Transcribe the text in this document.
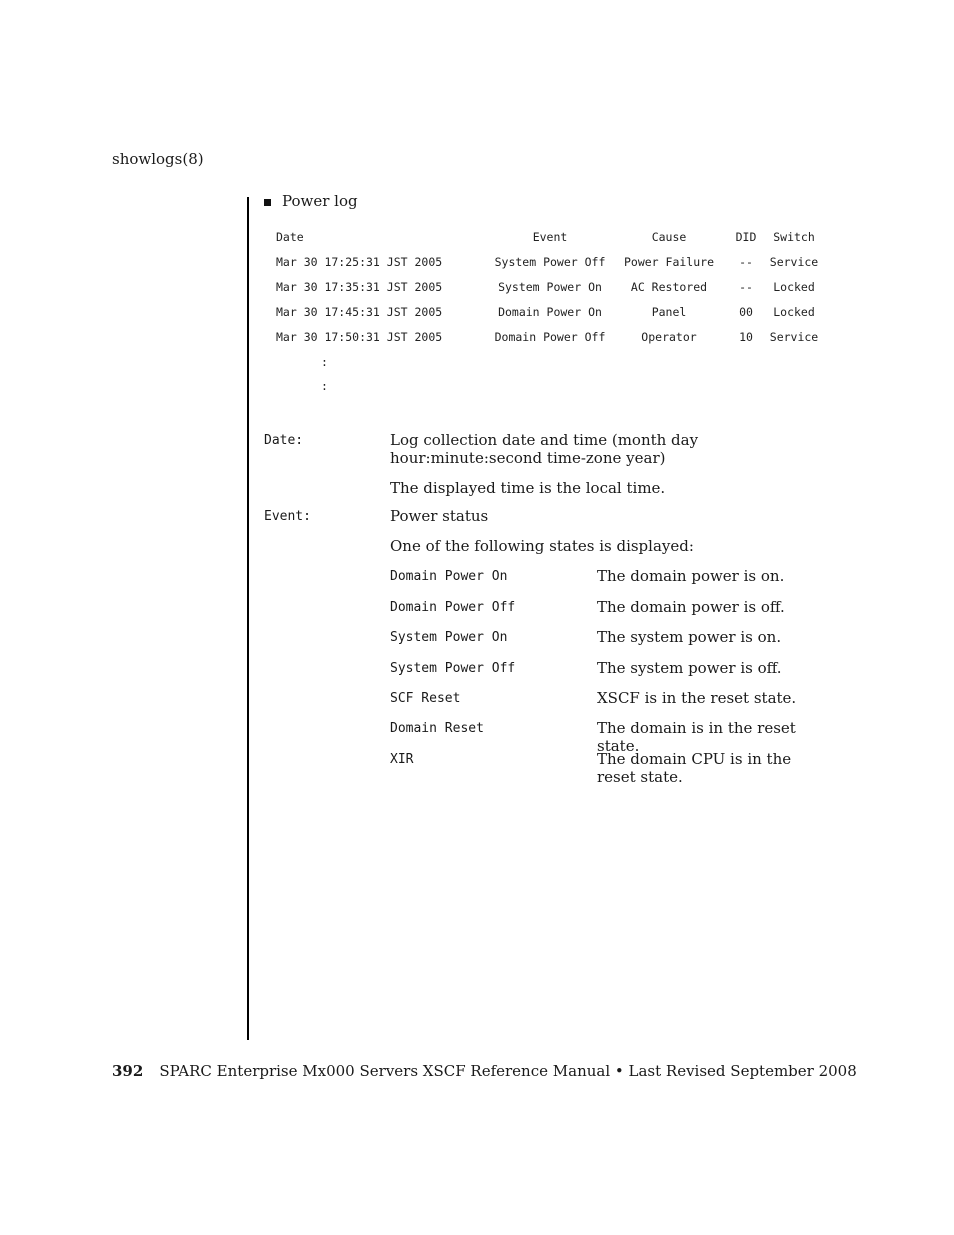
showlogs(8)
Power log
Date	Event	Cause	DID	Switch
Mar 30 17:25:31 JST 2005	System Power Off	Power Failure	--	Service
Mar 30 17:35:31 JST 2005	System Power On	AC Restored	--	Locked
Mar 30 17:45:31 JST 2005	Domain Power On	Panel	00	Locked
Mar 30 17:50:31 JST 2005	Domain Power Off	Operator	10	Service
:
:
Date:	Log collection date and time (month day hour:minute:second time-zone year)
The displayed time is the local time.
Event:	Power status
One of the following states is displayed:
Domain Power On	The domain power is on.
Domain Power Off	The domain power is off.
System Power On	The system power is on.
System Power Off	The system power is off.
SCF Reset	XSCF is in the reset state.
Domain Reset	The domain is in the reset state.
XIR	The domain CPU is in the reset state.
392 SPARC Enterprise Mx000 Servers XSCF Reference Manual • Last Revised September 2008
